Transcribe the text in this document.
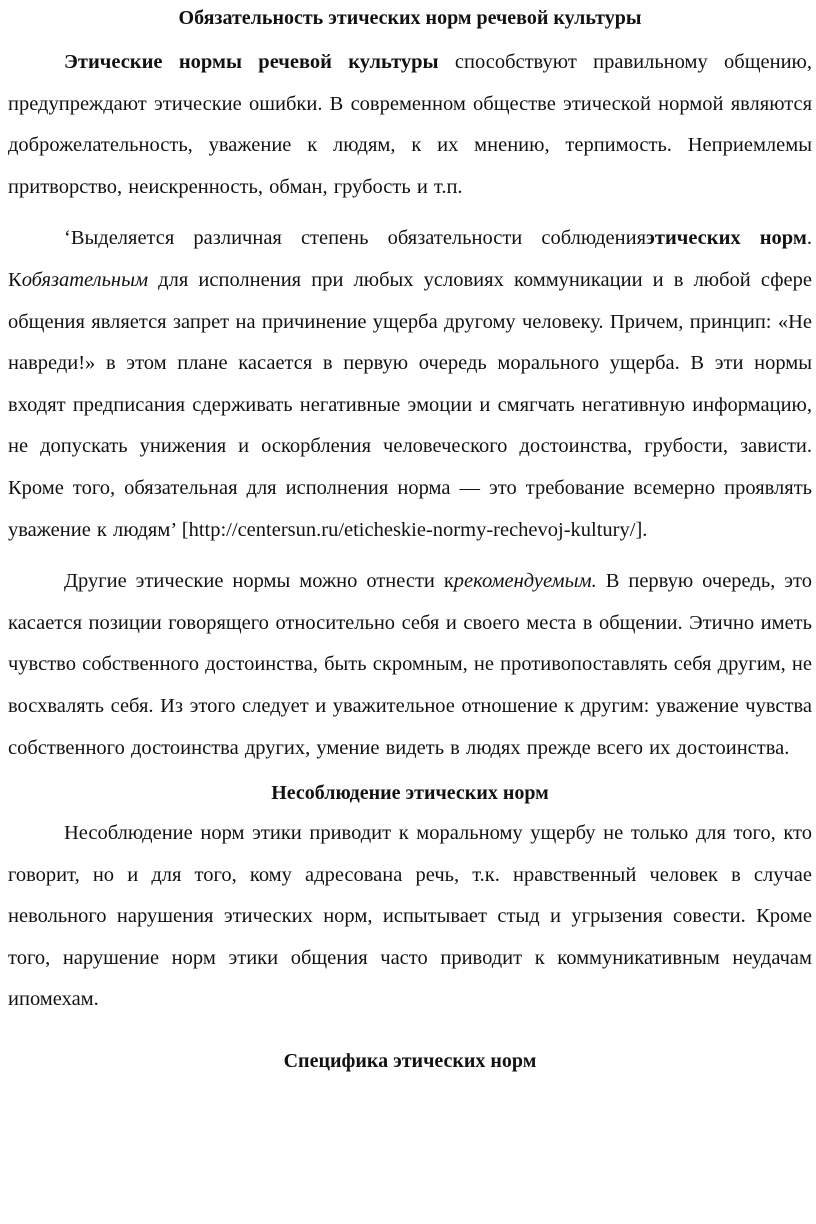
Обязательность этических норм речевой культуры

Этические нормы речевой культуры способствуют правильному общению, предупреждают этические ошибки. В современном обществе этической нормой являются доброжелательность, уважение к людям, к их мнению, терпимость. Неприемлемы притворство, неискренность, обман, грубость и т.п.

‘Выделяется различная степень обязательности соблюденияэтических норм. Кобязательным для исполнения при любых условиях коммуникации и в любой сфере общения является запрет на причинение ущерба другому человеку. Причем, принцип: «Не навреди!» в этом плане касается в первую очередь морального ущерба. В эти нормы входят предписания сдерживать негативные эмоции и смягчать негативную информацию, не допускать унижения и оскорбления человеческого достоинства, грубости, зависти. Кроме того, обязательная для исполнения норма — это требование всемерно проявлять уважение к людям’ [http://centersun.ru/eticheskie-normy-rechevoj-kultury/].

Другие этические нормы можно отнести крекомендуемым. В первую очередь, это касается позиции говорящего относительно себя и своего места в общении. Этично иметь чувство собственного достоинства, быть скромным, не противопоставлять себя другим, не восхвалять себя. Из этого следует и уважительное отношение к другим: уважение чувства собственного достоинства других, умение видеть в людях прежде всего их достоинства.

Несоблюдение этических норм

Несоблюдение норм этики приводит к моральному ущербу не только для того, кто говорит, но и для того, кому адресована речь, т.к. нравственный человек в случае невольного нарушения этических норм, испытывает стыд и угрызения совести. Кроме того, нарушение норм этики общения часто приводит к коммуникативным неудачам ипомехам.

Специфика этических норм
